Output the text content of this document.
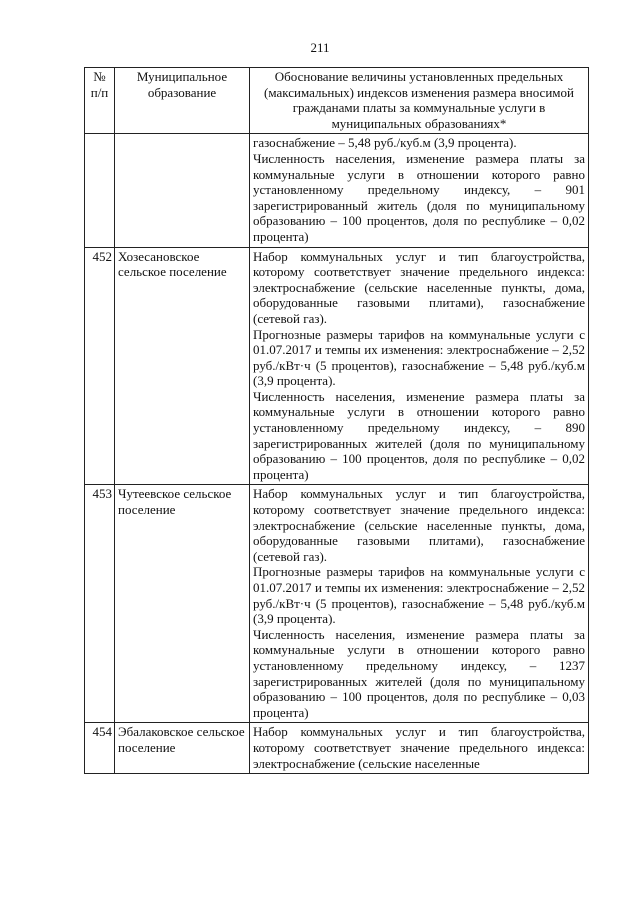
211
№ п/п	Муниципальное образование	Обоснование величины установленных предельных (максимальных) индексов изменения размера вносимой гражданами платы за коммунальные услуги в муниципальных образованиях*

		газоснабжение – 5,48 руб./куб.м (3,9 процента).

Численность населения, изменение размера платы за коммунальные услуги в отношении которого равно установленному предельному индексу, – 901 зарегистрированный житель (доля по муниципальному образованию – 100 процентов, доля по республике – 0,02 процента)

452	Хозесановское сельское поселение	Набор коммунальных услуг и тип благоустройства, которому соответствует значение предельного индекса: электроснабжение (сельские населенные пункты, дома, оборудованные газовыми плитами), газоснабжение (сетевой газ).

Прогнозные размеры тарифов на коммунальные услуги с 01.07.2017 и темпы их изменения: электроснабжение – 2,52 руб./кВт·ч (5 процентов), газоснабжение – 5,48 руб./куб.м (3,9 процента).

Численность населения, изменение размера платы за коммунальные услуги в отношении которого равно установленному предельному индексу, – 890 зарегистрированных жителей (доля по муниципальному образованию – 100 процентов, доля по республике – 0,02 процента)

453	Чутеевское сельское поселение	Набор коммунальных услуг и тип благоустройства, которому соответствует значение предельного индекса: электроснабжение (сельские населенные пункты, дома, оборудованные газовыми плитами), газоснабжение (сетевой газ).

Прогнозные размеры тарифов на коммунальные услуги с 01.07.2017 и темпы их изменения: электроснабжение – 2,52 руб./кВт·ч (5 процентов), газоснабжение – 5,48 руб./куб.м (3,9 процента).

Численность населения, изменение размера платы за коммунальные услуги в отношении которого равно установленному предельному индексу, – 1237 зарегистрированных жителей (доля по муниципальному образованию – 100 процентов, доля по республике – 0,03 процента)

454	Эбалаковское сельское поселение	Набор коммунальных услуг и тип благоустройства, которому соответствует значение предельного индекса: электроснабжение (сельские населенные
